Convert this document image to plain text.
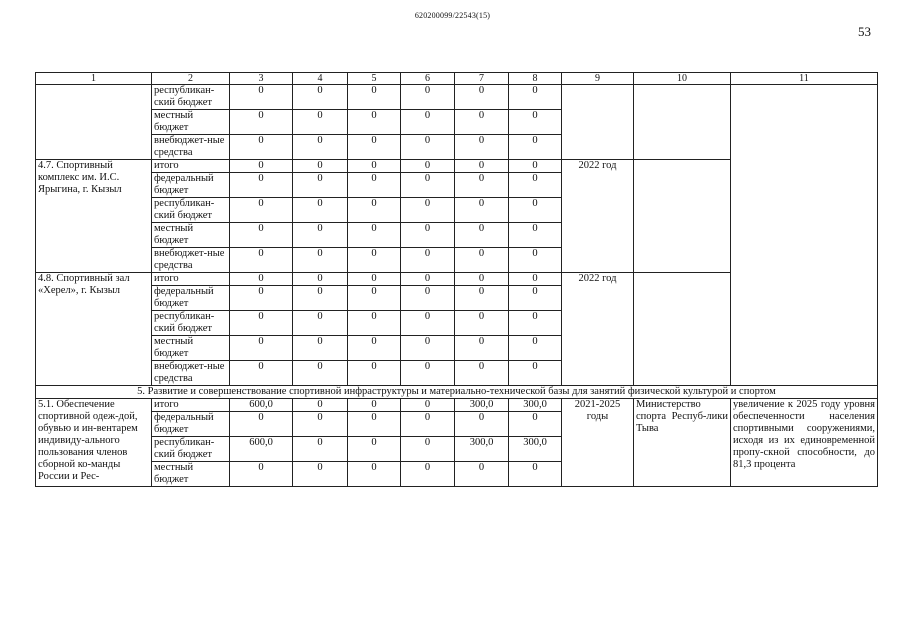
620200099/22543(15)
53
1	2	3	4	5	6	7	8	9	10	11
	республикан-ский бюджет	0	0	0	0	0	0			
	местный бюджет	0	0	0	0	0	0			
	внебюджет-ные средства	0	0	0	0	0	0			
4.7. Спортивный комплекс им. И.С. Ярыгина, г. Кызыл	итого	0	0	0	0	0	0	2022 год		
	федеральный бюджет	0	0	0	0	0	0			
	республикан-ский бюджет	0	0	0	0	0	0			
	местный бюджет	0	0	0	0	0	0			
	внебюджет-ные средства	0	0	0	0	0	0			
4.8. Спортивный зал «Херел», г. Кызыл	итого	0	0	0	0	0	0	2022 год		
	федеральный бюджет	0	0	0	0	0	0			
	республикан-ский бюджет	0	0	0	0	0	0			
	местный бюджет	0	0	0	0	0	0			
	внебюджет-ные средства	0	0	0	0	0	0			
5. Развитие и совершенствование спортивной инфраструктуры и материально-технической базы для занятий физической культурой и спортом										
5.1. Обеспечение спортивной одеж-дой, обувью и ин-вентарем индивиду-ального пользования членов сборной ко-манды России и Рес-	итого	600,0	0	0	0	300,0	300,0	2021-2025 годы	Министерство спорта Респуб-лики Тыва	увеличение к 2025 году уровня обеспеченности населения спортивными сооружениями, исходя из их единовременной пропу-скной способности, до 81,3 процента
	федеральный бюджет	0	0	0	0	0	0			
	республикан-ский бюджет	600,0	0	0	0	300,0	300,0			
	местный бюджет	0	0	0	0	0	0			
